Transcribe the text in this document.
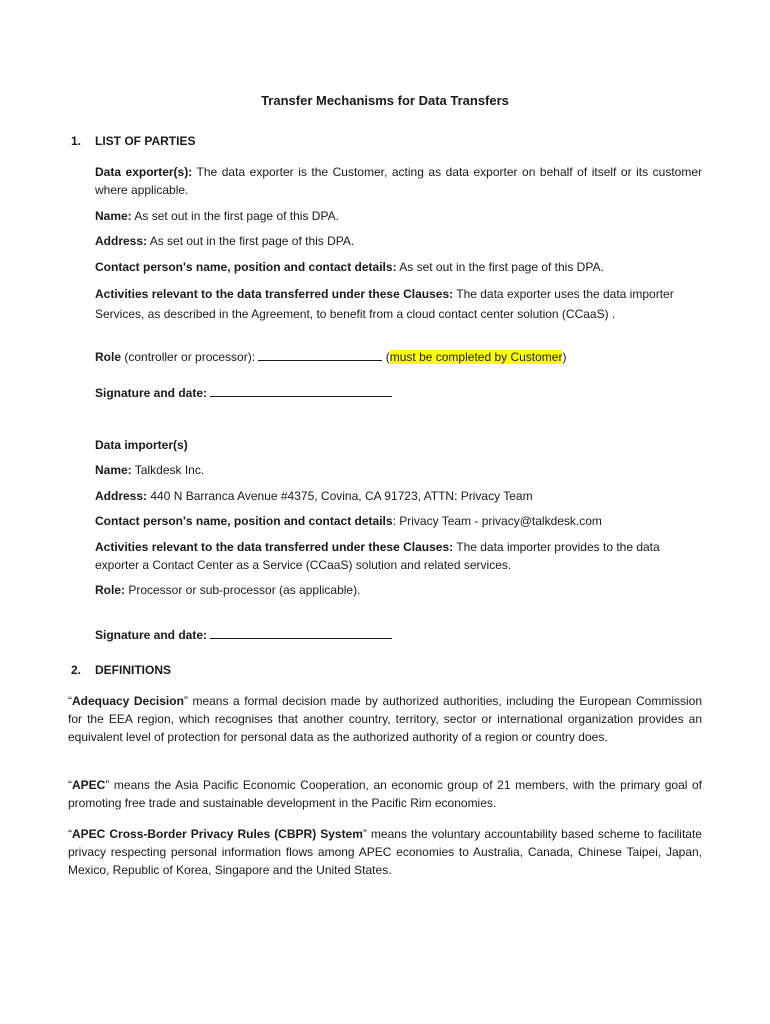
Transfer Mechanisms for Data Transfers
1. LIST OF PARTIES
Data exporter(s): The data exporter is the Customer, acting as data exporter on behalf of itself or its customer where applicable.
Name: As set out in the first page of this DPA.
Address: As set out in the first page of this DPA.
Contact person's name, position and contact details: As set out in the first page of this DPA.
Activities relevant to the data transferred under these Clauses: The data exporter uses the data importer Services, as described in the Agreement, to benefit from a cloud contact center solution (CCaaS) .
Role (controller or processor):	(must be completed by Customer)
Signature and date:
Data importer(s)
Name: Talkdesk Inc.
Address: 440 N Barranca Avenue #4375, Covina, CA 91723, ATTN: Privacy Team
Contact person's name, position and contact details: Privacy Team - privacy@talkdesk.com
Activities relevant to the data transferred under these Clauses: The data importer provides to the data exporter a Contact Center as a Service (CCaaS) solution and related services.
Role: Processor or sub-processor (as applicable).
Signature and date:
2. DEFINITIONS
“Adequacy Decision” means a formal decision made by authorized authorities, including the European Commission for the EEA region, which recognises that another country, territory, sector or international organization provides an equivalent level of protection for personal data as the authorized authority of a region or country does.
“APEC” means the Asia Pacific Economic Cooperation, an economic group of 21 members, with the primary goal of promoting free trade and sustainable development in the Pacific Rim economies.
“APEC Cross-Border Privacy Rules (CBPR) System” means the voluntary accountability based scheme to facilitate privacy respecting personal information flows among APEC economies to Australia, Canada, Chinese Taipei, Japan, Mexico, Republic of Korea, Singapore and the United States.
